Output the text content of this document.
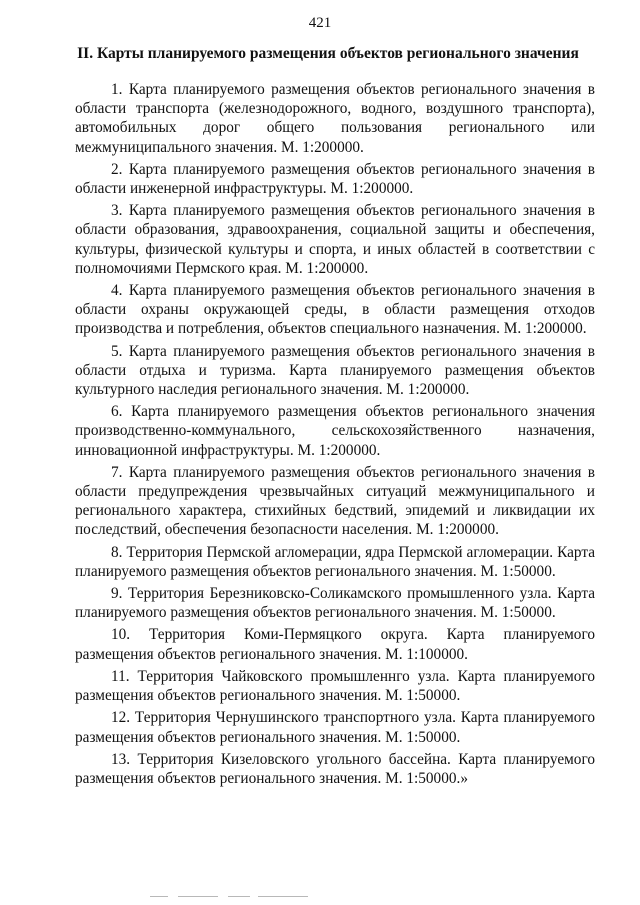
421
II. Карты планируемого размещения объектов регионального значения

1. Карта планируемого размещения объектов регионального значения в области транспорта (железнодорожного, водного, воздушного транспорта), автомобильных дорог общего пользования регионального или межмуниципального значения. М. 1:200000.

2. Карта планируемого размещения объектов регионального значения в области инженерной инфраструктуры. М. 1:200000.

3. Карта планируемого размещения объектов регионального значения в области образования, здравоохранения, социальной защиты и обеспечения, культуры, физической культуры и спорта, и иных областей в соответствии с полномочиями Пермского края. М. 1:200000.

4. Карта планируемого размещения объектов регионального значения в области охраны окружающей среды, в области размещения отходов производства и потребления, объектов специального назначения. М. 1:200000.

5. Карта планируемого размещения объектов регионального значения в области отдыха и туризма. Карта планируемого размещения объектов культурного наследия регионального значения. М. 1:200000.

6. Карта планируемого размещения объектов регионального значения производственно-коммунального, сельскохозяйственного назначения, инновационной инфраструктуры. М. 1:200000.

7. Карта планируемого размещения объектов регионального значения в области предупреждения чрезвычайных ситуаций межмуниципального и регионального характера, стихийных бедствий, эпидемий и ликвидации их последствий, обеспечения безопасности населения. М. 1:200000.

8. Территория Пермской агломерации, ядра Пермской агломерации. Карта планируемого размещения объектов регионального значения. М. 1:50000.

9. Территория Березниковско-Соликамского промышленного узла. Карта планируемого размещения объектов регионального значения. М. 1:50000.

10. Территория Коми-Пермяцкого округа. Карта планируемого размещения объектов регионального значения. М. 1:100000.

11. Территория Чайковского промышленнго узла. Карта планируемого размещения объектов регионального значения. М. 1:50000.

12. Территория Чернушинского транспортного узла. Карта планируемого размещения объектов регионального значения. М. 1:50000.

13. Территория Кизеловского угольного бассейна. Карта планируемого размещения объектов регионального значения. М. 1:50000.»
